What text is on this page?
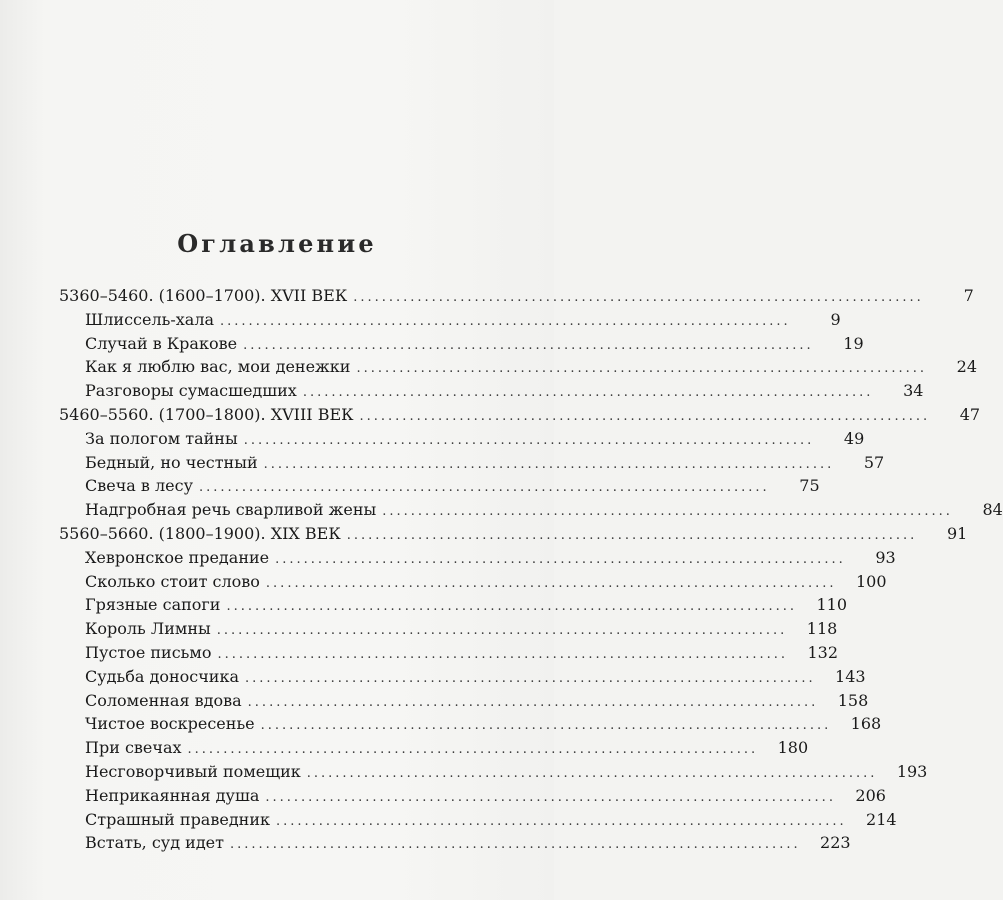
Оглавление
5360–5460. (1600–1700). XVII ВЕК ................................................................................	7
Шлиссель-хала ................................................................................	9
Случай в Кракове ................................................................................	19
Как я люблю вас, мои денежки ................................................................................	24
Разговоры сумасшедших ................................................................................	34
5460–5560. (1700–1800). XVIII ВЕК ................................................................................	47
За пологом тайны ................................................................................	49
Бедный, но честный ................................................................................	57
Свеча в лесу ................................................................................	75
Надгробная речь сварливой жены ................................................................................	84
5560–5660. (1800–1900). XIX ВЕК ................................................................................	91
Хевронское предание ................................................................................	93
Сколько стоит слово ................................................................................	100
Грязные сапоги ................................................................................	110
Король Лимны ................................................................................	118
Пустое письмо ................................................................................	132
Судьба доносчика ................................................................................	143
Соломенная вдова ................................................................................	158
Чистое воскресенье ................................................................................	168
При свечах ................................................................................	180
Несговорчивый помещик ................................................................................	193
Неприкаянная душа ................................................................................	206
Страшный праведник ................................................................................	214
Встать, суд идет ................................................................................	223
